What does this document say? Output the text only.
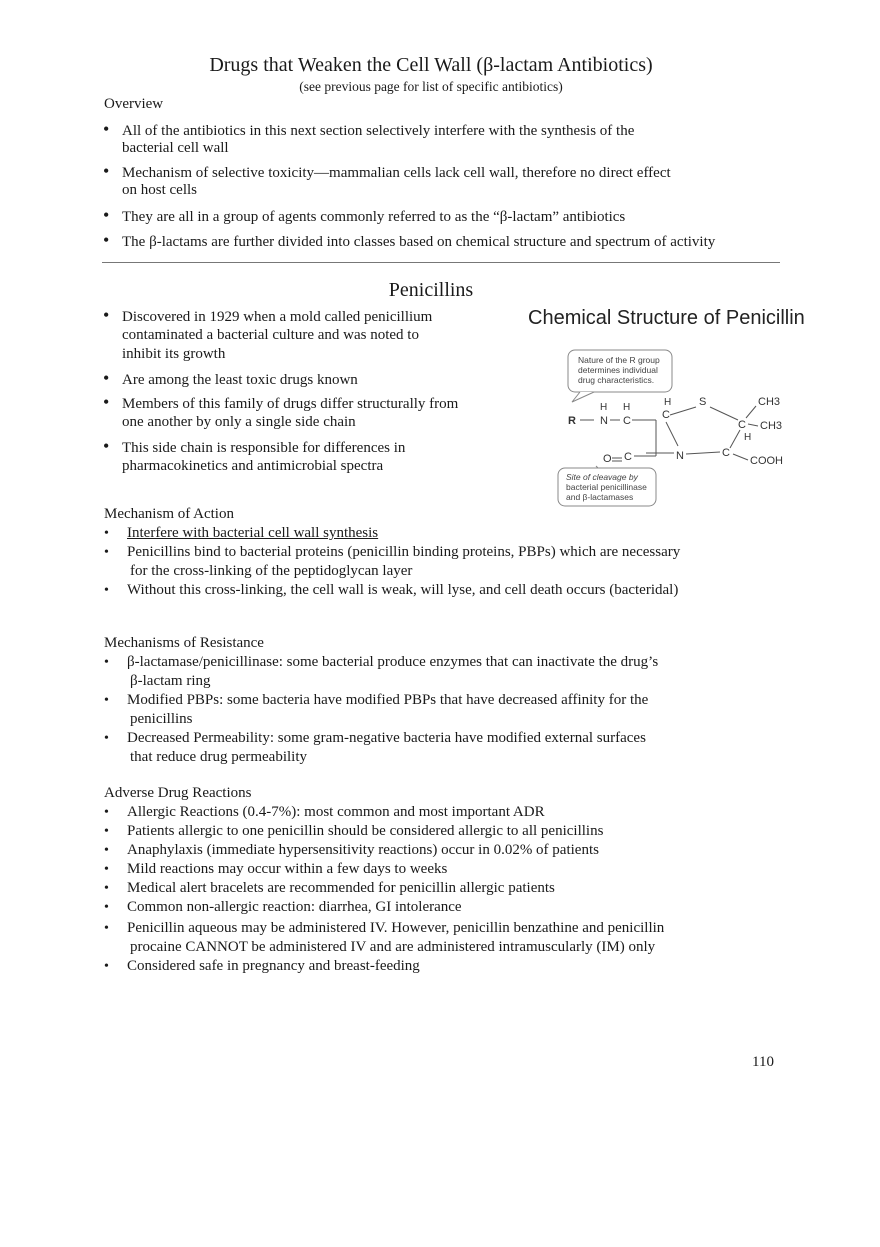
Drugs that Weaken the Cell Wall (β-lactam Antibiotics)
(see previous page for list of specific antibiotics)
Overview
• All of the antibiotics in this next section selectively interfere with the synthesis of the
bacterial cell wall
• Mechanism of selective toxicity—mammalian cells lack cell wall, therefore no direct effect
on host cells
• They are all in a group of agents commonly referred to as the “β-lactam” antibiotics
• The β-lactams are further divided into classes based on chemical structure and spectrum of activity
Penicillins
• Discovered in 1929 when a mold called penicillium
contaminated a bacterial culture and was noted to
inhibit its growth
• Are among the least toxic drugs known
• Members of this family of drugs differ structurally from
one another by only a single side chain
• This side chain is responsible for differences in
pharmacokinetics and antimicrobial spectra
Chemical Structure of Penicillin
Nature of the R group
determines individual
drug characteristics.
R
H
N
H
C
H
C
S
C
CH3
CH3
H
C
COOH
N
C
O
Site of cleavage by
bacterial penicillinase
and β-lactamases
Mechanism of Action
• Interfere with bacterial cell wall synthesis
• Penicillins bind to bacterial proteins (penicillin binding proteins, PBPs) which are necessary
for the cross-linking of the peptidoglycan layer
• Without this cross-linking, the cell wall is weak, will lyse, and cell death occurs (bacteridal)
Mechanisms of Resistance
• β-lactamase/penicillinase: some bacterial produce enzymes that can inactivate the drug’s
β-lactam ring
• Modified PBPs: some bacteria have modified PBPs that have decreased affinity for the
penicillins
• Decreased Permeability: some gram-negative bacteria have modified external surfaces
that reduce drug permeability
Adverse Drug Reactions
• Allergic Reactions (0.4-7%): most common and most important ADR
• Patients allergic to one penicillin should be considered allergic to all penicillins
• Anaphylaxis (immediate hypersensitivity reactions) occur in 0.02% of patients
• Mild reactions may occur within a few days to weeks
• Medical alert bracelets are recommended for penicillin allergic patients
• Common non-allergic reaction: diarrhea, GI intolerance
• Penicillin aqueous may be administered IV. However, penicillin benzathine and penicillin
procaine CANNOT be administered IV and are administered intramuscularly (IM) only
• Considered safe in pregnancy and breast-feeding
110
